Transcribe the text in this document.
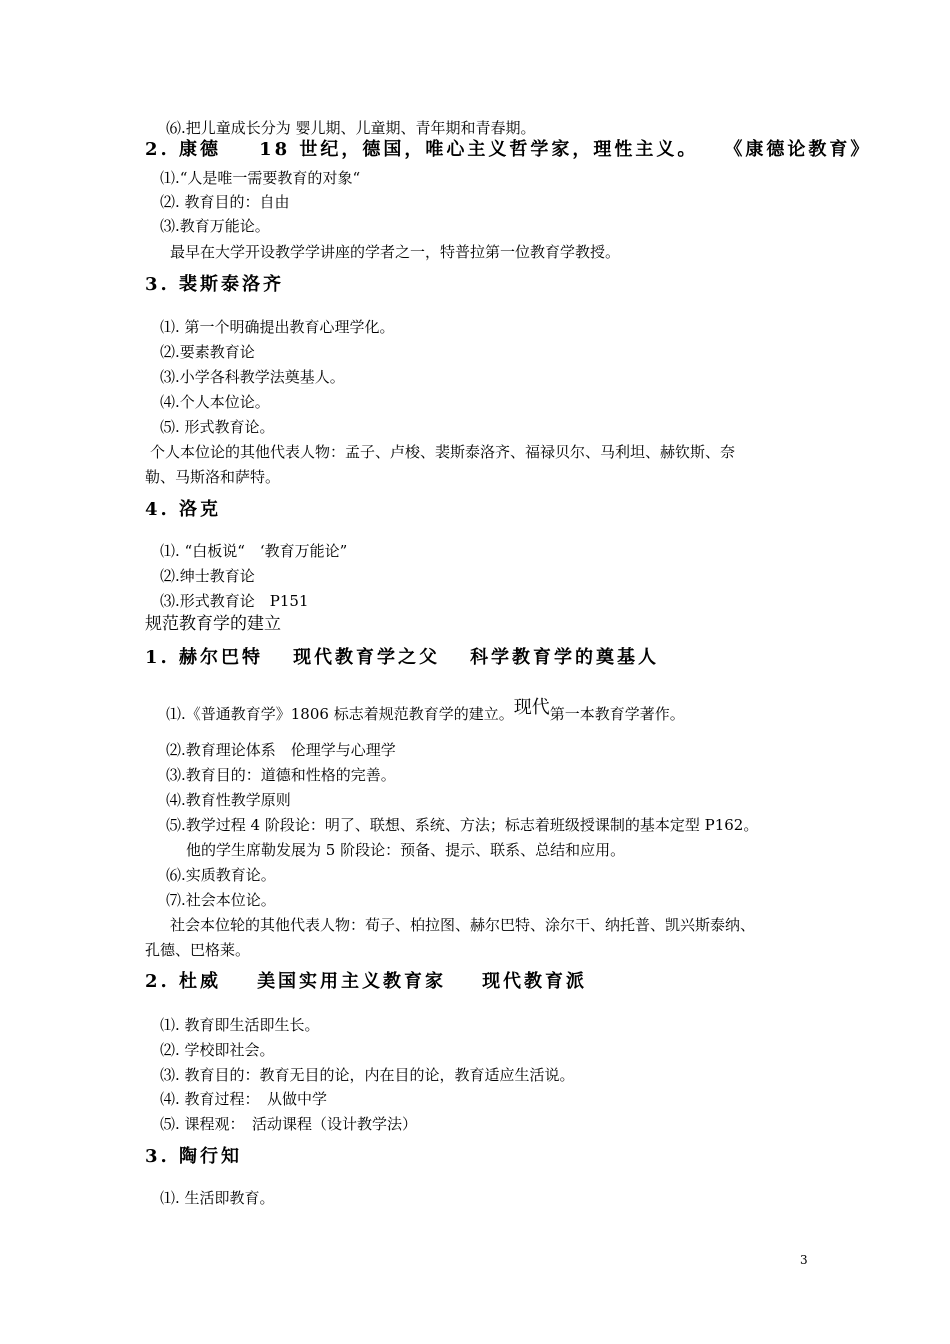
⑹.把儿童成长分为 婴儿期、儿童期、青年期和青春期。
2. 康德 18 世纪，德国，唯心主义哲学家，理性主义。 《康德论教育》
⑴.“人是唯一需要教育的对象“
⑵. 教育目的：自由
⑶.教育万能论。
最早在大学开设教学学讲座的学者之一，特普拉第一位教育学教授。
3. 裴斯泰洛齐
⑴. 第一个明确提出教育心理学化。
⑵.要素教育论
⑶.小学各科教学法奠基人。
⑷.个人本位论。
⑸. 形式教育论。
个人本位论的其他代表人物：孟子、卢梭、裴斯泰洛齐、福禄贝尔、马利坦、赫钦斯、奈
勒、马斯洛和萨特。
4. 洛克
⑴. “白板说“　‘教育万能论”
⑵.绅士教育论
⑶.形式教育论　P151
规范教育学的建立
1. 赫尔巴特 现代教育学之父 科学教育学的奠基人
⑴.《普通教育学》1806 标志着规范教育学的建立。现代第一本教育学著作。
⑵.教育理论体系　伦理学与心理学
⑶.教育目的：道德和性格的完善。
⑷.教育性教学原则
⑸.教学过程 4 阶段论：明了、联想、系统、方法；标志着班级授课制的基本定型 P162。
他的学生席勒发展为 5 阶段论：预备、提示、联系、总结和应用。
⑹.实质教育论。
⑺.社会本位论。
社会本位轮的其他代表人物：荀子、柏拉图、赫尔巴特、涂尔干、纳托普、凯兴斯泰纳、
孔德、巴格莱。
2. 杜威 美国实用主义教育家 现代教育派
⑴. 教育即生活即生长。
⑵. 学校即社会。
⑶. 教育目的：教育无目的论，内在目的论，教育适应生活说。
⑷. 教育过程：　从做中学
⑸. 课程观：　活动课程（设计教学法）
3. 陶行知
⑴. 生活即教育。
3
